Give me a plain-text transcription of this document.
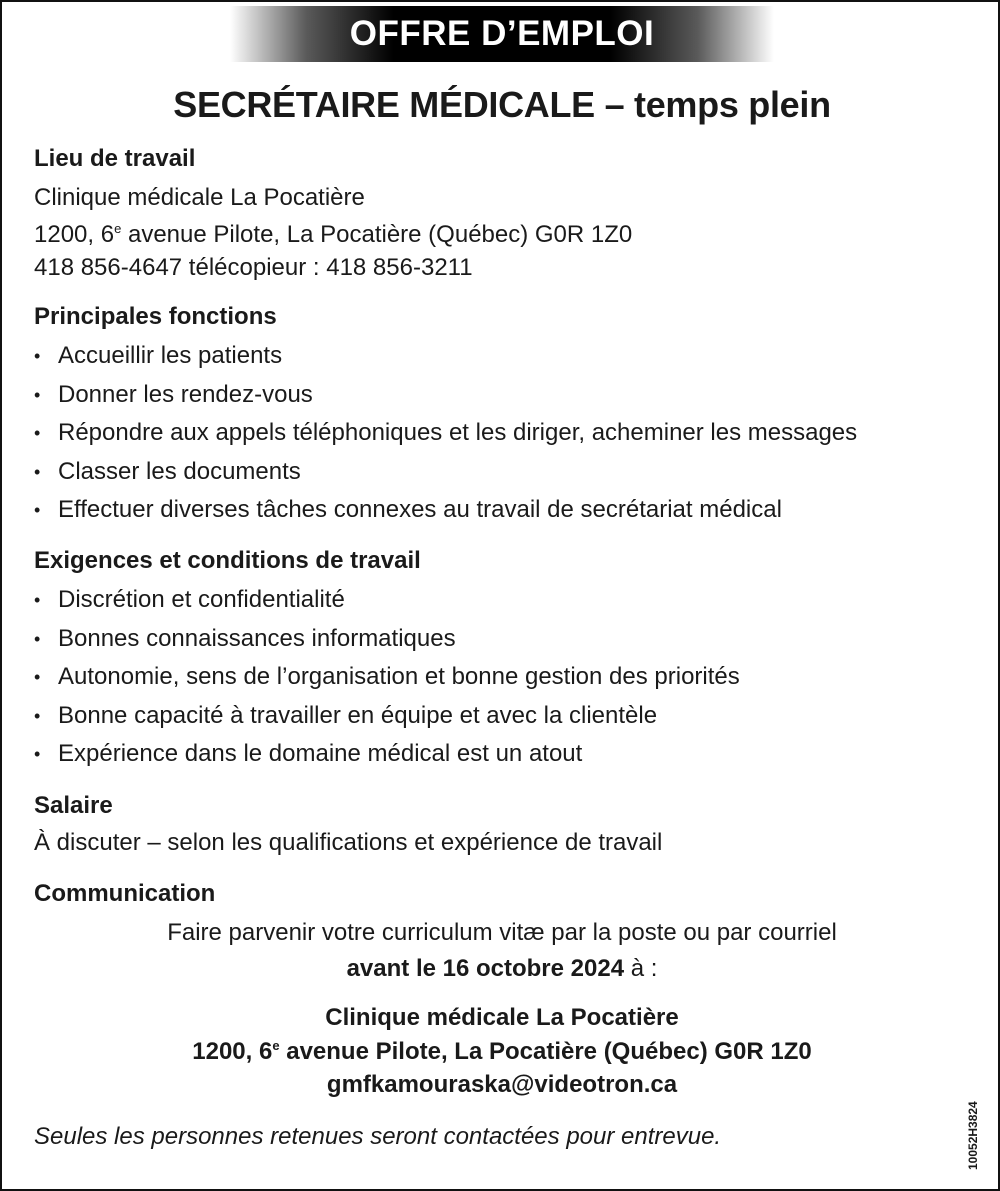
OFFRE D’EMPLOI
SECRÉTAIRE MÉDICALE – temps plein
Lieu de travail
Clinique médicale La Pocatière
1200, 6e avenue Pilote, La Pocatière (Québec) G0R 1Z0
418 856-4647 télécopieur : 418 856-3211
Principales fonctions
• Accueillir les patients
• Donner les rendez-vous
• Répondre aux appels téléphoniques et les diriger, acheminer les messages
• Classer les documents
• Effectuer diverses tâches connexes au travail de secrétariat médical
Exigences et conditions de travail
• Discrétion et confidentialité
• Bonnes connaissances informatiques
• Autonomie, sens de l’organisation et bonne gestion des priorités
• Bonne capacité à travailler en équipe et avec la clientèle
• Expérience dans le domaine médical est un atout
Salaire
À discuter – selon les qualifications et expérience de travail
Communication
Faire parvenir votre curriculum vitæ par la poste ou par courriel
avant le 16 octobre 2024 à :
Clinique médicale La Pocatière
1200, 6e avenue Pilote, La Pocatière (Québec) G0R 1Z0
gmfkamouraska@videotron.ca
Seules les personnes retenues seront contactées pour entrevue.	10052H3824
